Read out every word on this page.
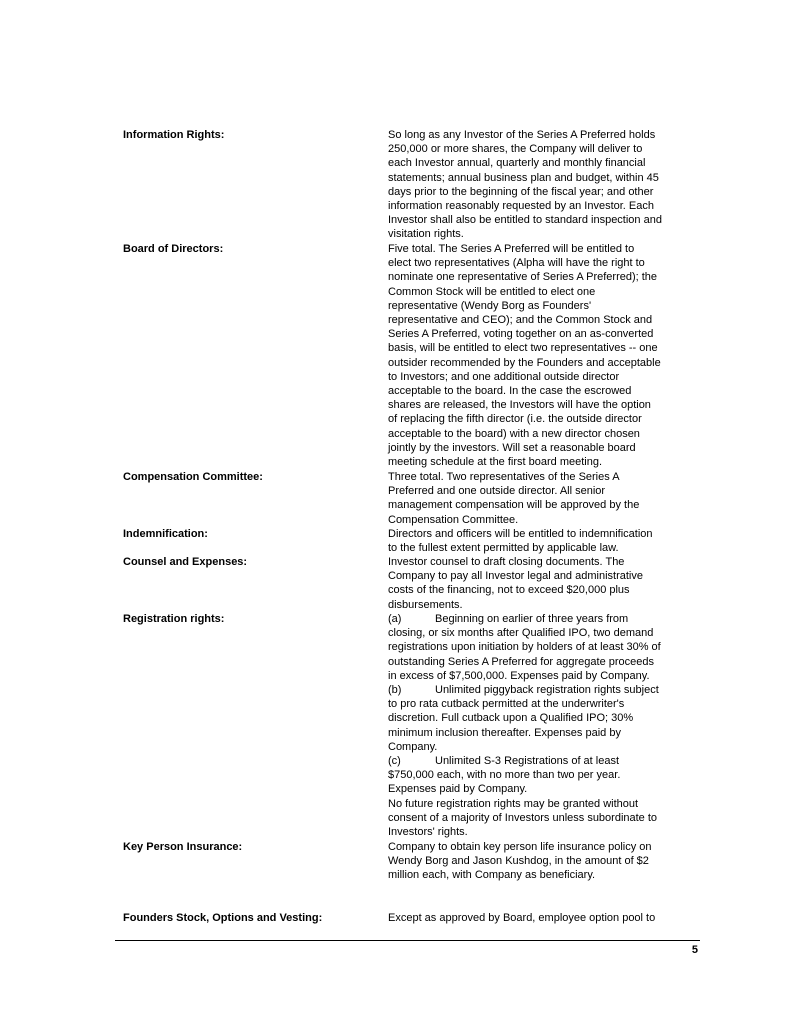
Information Rights:	So long as any Investor of the Series A Preferred holds

250,000 or more shares, the Company will deliver to

each Investor annual, quarterly and monthly financial

statements; annual business plan and budget, within 45

days prior to the beginning of the fiscal year; and other

information reasonably requested by an Investor. Each

Investor shall also be entitled to standard inspection and

visitation rights.

Board of Directors:	Five total. The Series A Preferred will be entitled to

elect two representatives (Alpha will have the right to

nominate one representative of Series A Preferred); the

Common Stock will be entitled to elect one

representative (Wendy Borg as Founders'

representative and CEO); and the Common Stock and

Series A Preferred, voting together on an as-converted

basis, will be entitled to elect two representatives -- one

outsider recommended by the Founders and acceptable

to Investors; and one additional outside director

acceptable to the board. In the case the escrowed

shares are released, the Investors will have the option

of replacing the fifth director (i.e. the outside director

acceptable to the board) with a new director chosen

jointly by the investors. Will set a reasonable board

meeting schedule at the first board meeting.

Compensation Committee:	Three total. Two representatives of the Series A

Preferred and one outside director. All senior

management compensation will be approved by the

Compensation Committee.

Indemnification:	Directors and officers will be entitled to indemnification

to the fullest extent permitted by applicable law.

Counsel and Expenses:	Investor counsel to draft closing documents. The

Company to pay all Investor legal and administrative

costs of the financing, not to exceed $20,000 plus

disbursements.

Registration rights:	(a)	Beginning on earlier of three years from

closing, or six months after Qualified IPO, two demand

registrations upon initiation by holders of at least 30% of

outstanding Series A Preferred for aggregate proceeds

in excess of $7,500,000. Expenses paid by Company.

(b)	Unlimited piggyback registration rights subject

to pro rata cutback permitted at the underwriter's

discretion. Full cutback upon a Qualified IPO; 30%

minimum inclusion thereafter. Expenses paid by

Company.

(c)	Unlimited S-3 Registrations of at least

$750,000 each, with no more than two per year.

Expenses paid by Company.

No future registration rights may be granted without

consent of a majority of Investors unless subordinate to

Investors' rights.

Key Person Insurance:	Company to obtain key person life insurance policy on

Wendy Borg and Jason Kushdog, in the amount of $2

million each, with Company as beneficiary.

Founders Stock, Options and Vesting:	Except as approved by Board, employee option pool to

5
